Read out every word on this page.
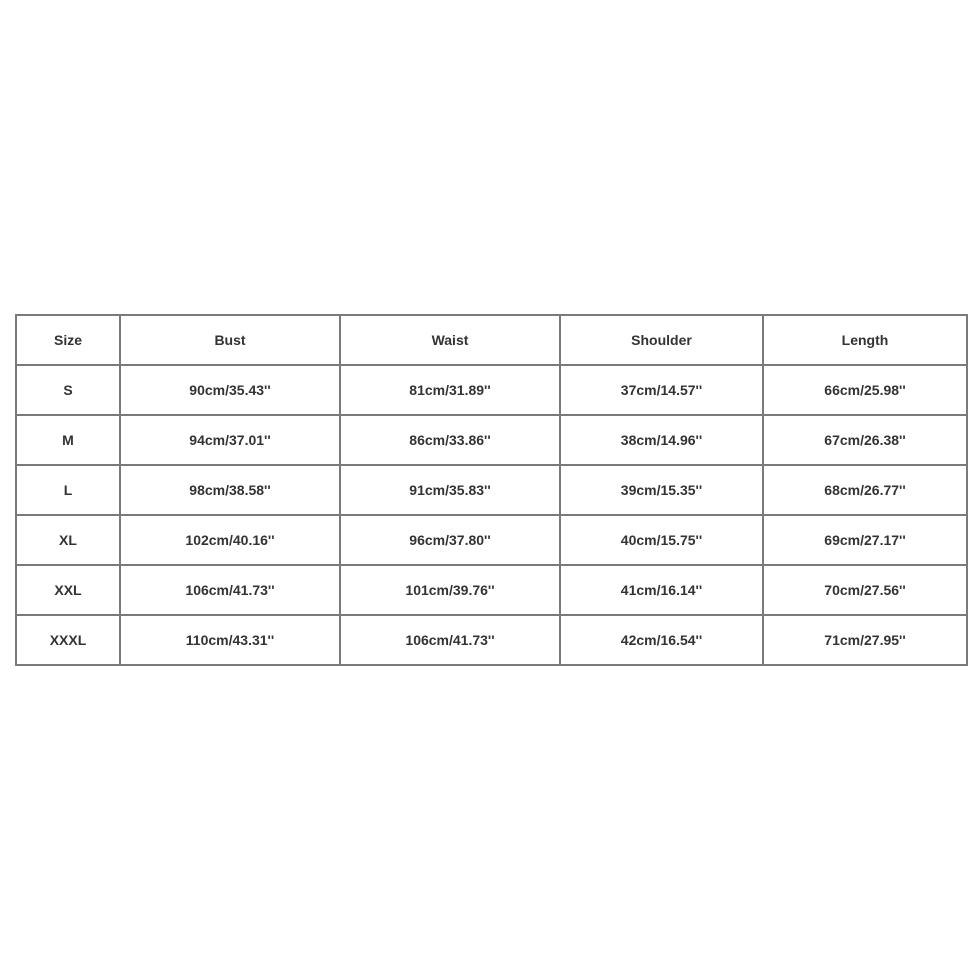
Size	Bust	Waist	Shoulder	Length
S	90cm/35.43''	81cm/31.89''	37cm/14.57''	66cm/25.98''
M	94cm/37.01''	86cm/33.86''	38cm/14.96''	67cm/26.38''
L	98cm/38.58''	91cm/35.83''	39cm/15.35''	68cm/26.77''
XL	102cm/40.16''	96cm/37.80''	40cm/15.75''	69cm/27.17''
XXL	106cm/41.73''	101cm/39.76''	41cm/16.14''	70cm/27.56''
XXXL	110cm/43.31''	106cm/41.73''	42cm/16.54''	71cm/27.95''
